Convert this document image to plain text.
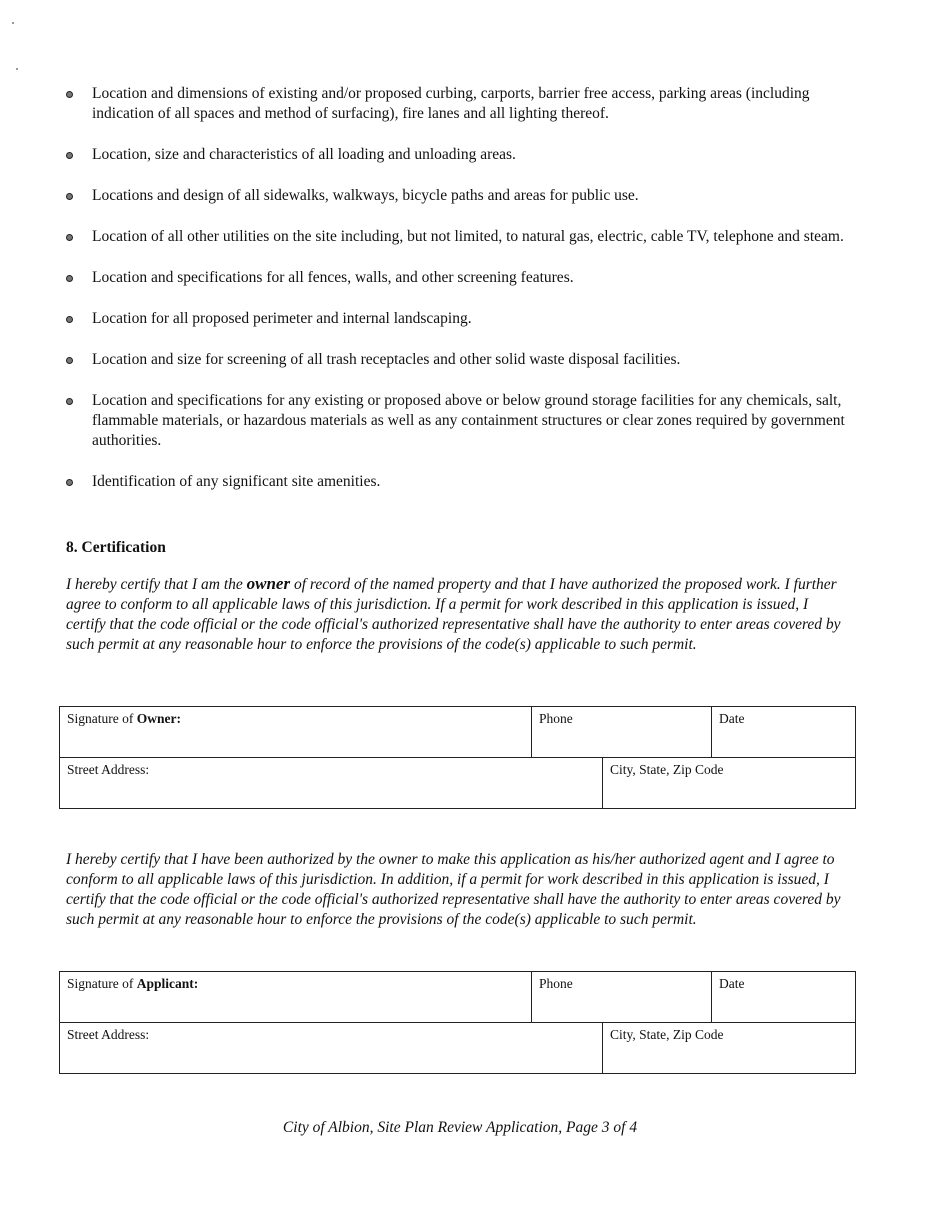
Location and dimensions of existing and/or proposed curbing, carports, barrier free access, parking areas (including indication of all spaces and method of surfacing), fire lanes and all lighting thereof.
Location, size and characteristics of all loading and unloading areas.
Locations and design of all sidewalks, walkways, bicycle paths and areas for public use.
Location of all other utilities on the site including, but not limited, to natural gas, electric, cable TV, telephone and steam.
Location and specifications for all fences, walls, and other screening features.
Location for all proposed perimeter and internal landscaping.
Location and size for screening of all trash receptacles and other solid waste disposal facilities.
Location and specifications for any existing or proposed above or below ground storage facilities for any chemicals, salt, flammable materials, or hazardous materials as well as any containment structures or clear zones required by government authorities.
Identification of any significant site amenities.
8. Certification

I hereby certify that I am the owner of record of the named property and that I have authorized the proposed work. I further agree to conform to all applicable laws of this jurisdiction. If a permit for work described in this application is issued, I certify that the code official or the code official's authorized representative shall have the authority to enter areas covered by such permit at any reasonable hour to enforce the provisions of the code(s) applicable to such permit.

Signature of Owner:	Phone	Date
Street Address:	City, State, Zip Code

I hereby certify that I have been authorized by the owner to make this application as his/her authorized agent and I agree to conform to all applicable laws of this jurisdiction. In addition, if a permit for work described in this application is issued, I certify that the code official or the code official's authorized representative shall have the authority to enter areas covered by such permit at any reasonable hour to enforce the provisions of the code(s) applicable to such permit.

Signature of Applicant:	Phone	Date
Street Address:	City, State, Zip Code
City of Albion, Site Plan Review Application, Page 3 of 4
